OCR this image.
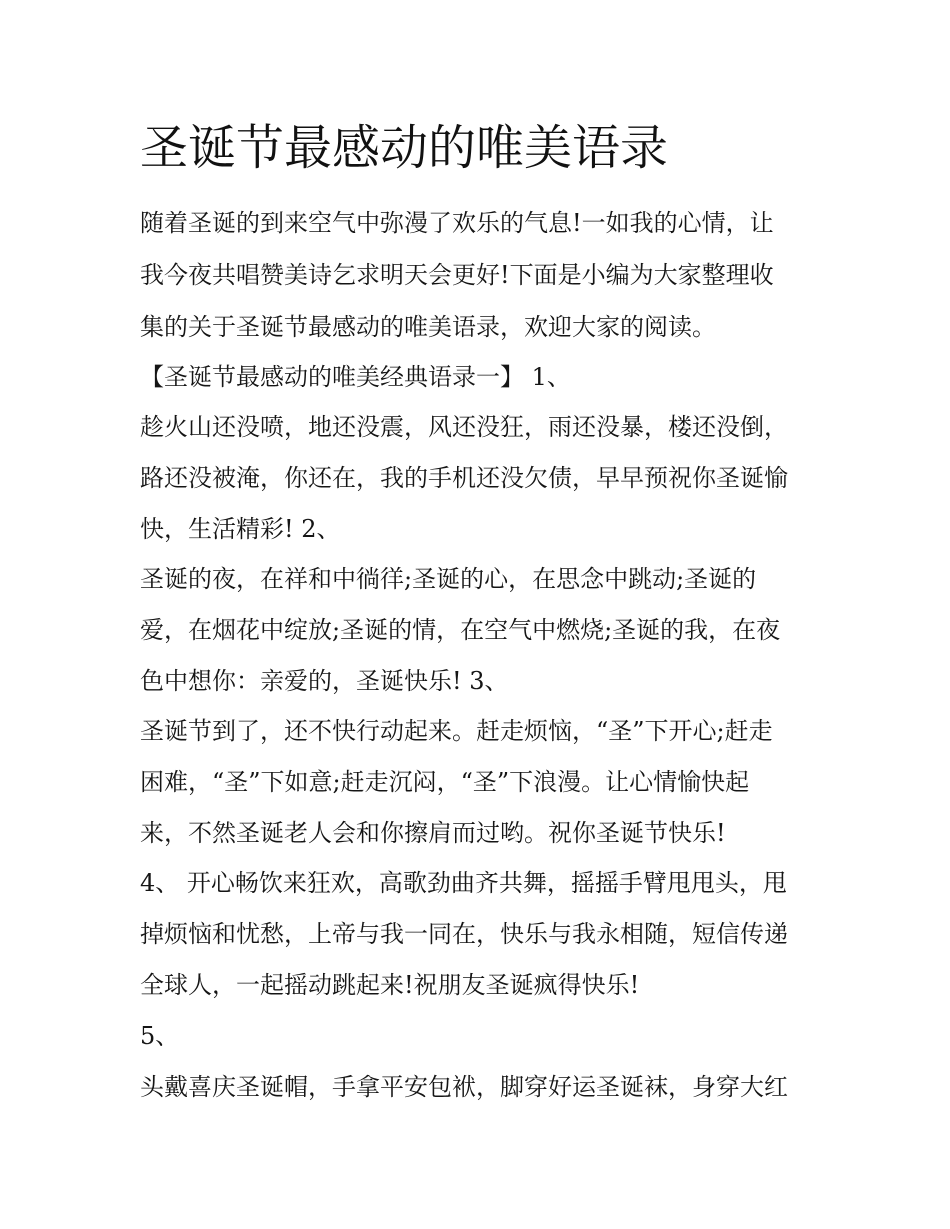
圣诞节最感动的唯美语录

随着圣诞的到来空气中弥漫了欢乐的气息!一如我的心情，让

我今夜共唱赞美诗乞求明天会更好!下面是小编为大家整理收

集的关于圣诞节最感动的唯美语录，欢迎大家的阅读。

【圣诞节最感动的唯美经典语录一】 1、

趁火山还没喷，地还没震，风还没狂，雨还没暴，楼还没倒，

路还没被淹，你还在，我的手机还没欠债，早早预祝你圣诞愉

快，生活精彩! 2、

圣诞的夜，在祥和中徜徉;圣诞的心，在思念中跳动;圣诞的

爱，在烟花中绽放;圣诞的情，在空气中燃烧;圣诞的我，在夜

色中想你：亲爱的，圣诞快乐! 3、

圣诞节到了，还不快行动起来。赶走烦恼，“圣”下开心;赶走

困难，“圣”下如意;赶走沉闷，“圣”下浪漫。让心情愉快起

来，不然圣诞老人会和你擦肩而过哟。祝你圣诞节快乐!

4、 开心畅饮来狂欢，高歌劲曲齐共舞，摇摇手臂甩甩头，甩

掉烦恼和忧愁，上帝与我一同在，快乐与我永相随，短信传递

全球人，一起摇动跳起来!祝朋友圣诞疯得快乐!

5、

头戴喜庆圣诞帽，手拿平安包袱，脚穿好运圣诞袜，身穿大红
